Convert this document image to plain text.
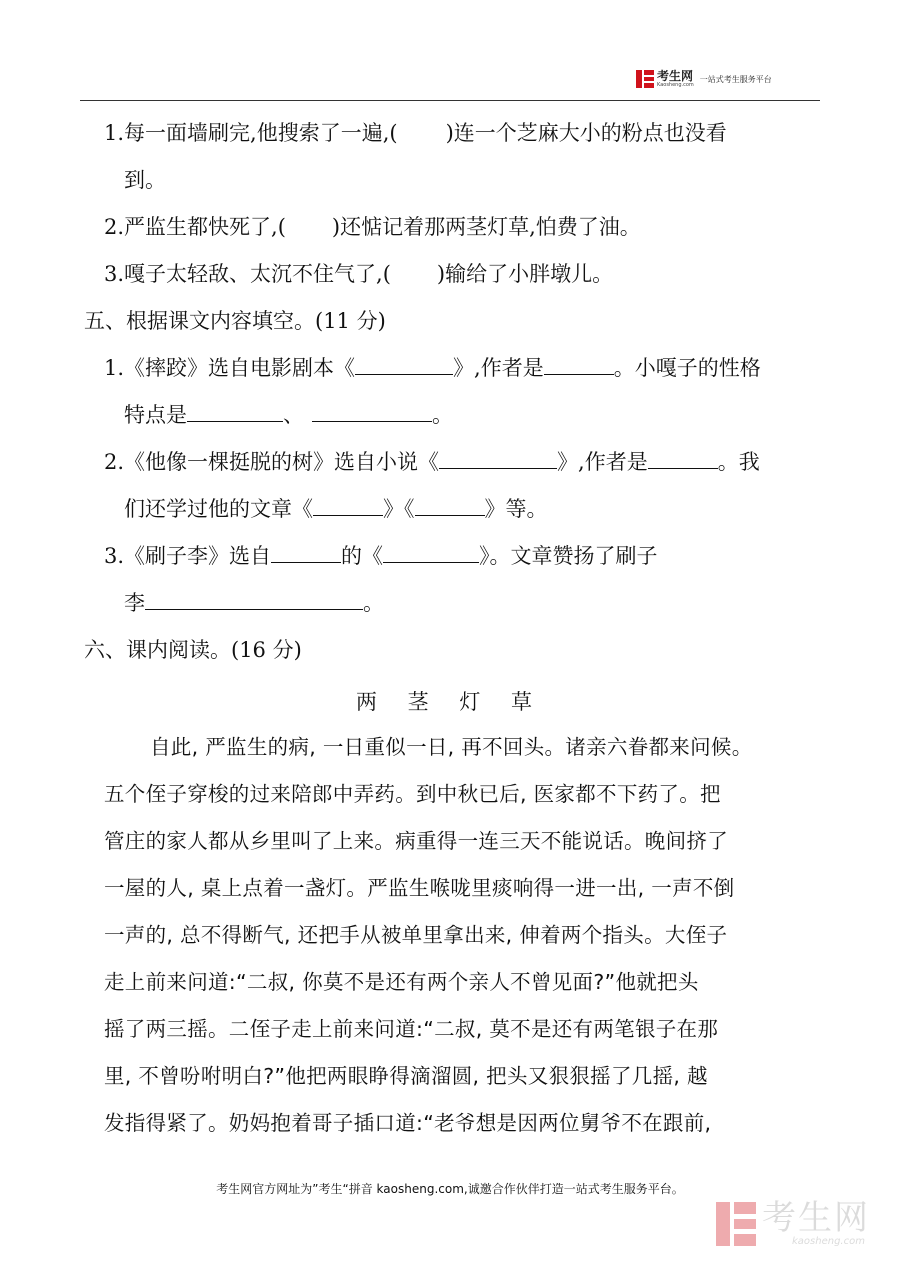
考生网
Kaosheng.com
一站式考生服务平台
1.每一面墙刷完,他搜索了一遍,( )连一个芝麻大小的粉点也没看
到。
2.严监生都快死了,( )还惦记着那两茎灯草,怕费了油。
3.嘎子太轻敌、太沉不住气了,( )输给了小胖墩儿。
五、根据课文内容填空。(11 分)
1.《摔跤》选自电影剧本《	》,作者是	。小嘎子的性格
特点是	、	。
2.《他像一棵挺脱的树》选自小说《	》,作者是	。我
们还学过他的文章《	》《	》等。
3.《刷子李》选自	的《	》。文章赞扬了刷子
李	。
六、课内阅读。(16 分)
两 茎 灯 草
自此, 严监生的病, 一日重似一日, 再不回头。诸亲六眷都来问候。
五个侄子穿梭的过来陪郎中弄药。到中秋已后, 医家都不下药了。把
管庄的家人都从乡里叫了上来。病重得一连三天不能说话。晚间挤了
一屋的人, 桌上点着一盏灯。严监生喉咙里痰响得一进一出, 一声不倒
一声的, 总不得断气, 还把手从被单里拿出来, 伸着两个指头。大侄子
走上前来问道:“二叔, 你莫不是还有两个亲人不曾见面?”他就把头
摇了两三摇。二侄子走上前来问道:“二叔, 莫不是还有两笔银子在那
里, 不曾吩咐明白?”他把两眼睁得滴溜圆, 把头又狠狠摇了几摇, 越
发指得紧了。奶妈抱着哥子插口道:“老爷想是因两位舅爷不在跟前,
考生网官方网址为”考生“拼音 kaosheng.com,诚邀合作伙伴打造一站式考生服务平台。
考生网
kaosheng.com
